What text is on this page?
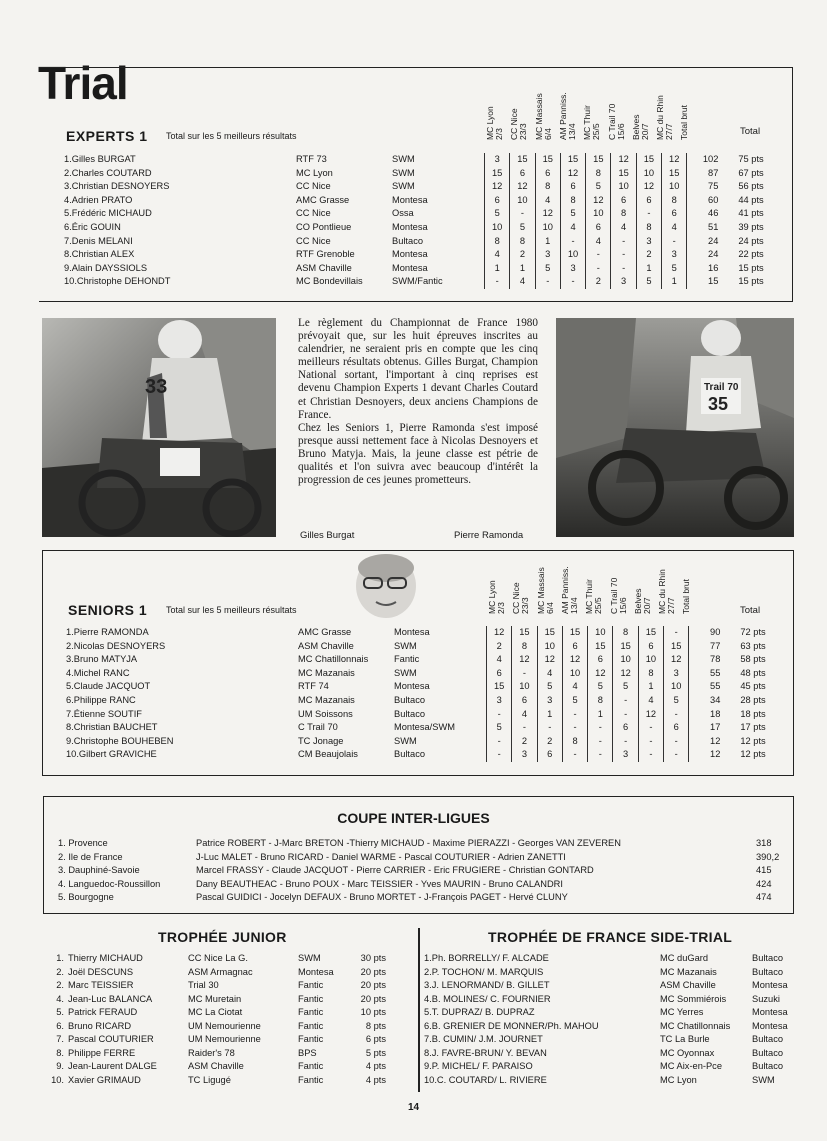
Trial
EXPERTS 1 Total sur les 5 meilleurs résultats	MC Lyon
2/3 CC Nice
23/3 MC Massais
6/4 AM Panniss.
13/4 MC Thuir
25/5 C Trail 70
15/6 Belves
20/7 MC du Rhin
27/7 Total brut	Total
1.Gilles BURGAT	RTF 73	SWM	3	15	15	15	15	12	15	12	102	75 pts
2.Charles COUTARD	MC Lyon	SWM	15	6	6	12	8	15	10	15	87	67 pts
3.Christian DESNOYERS	CC Nice	SWM	12	12	8	6	5	10	12	10	75	56 pts
4.Adrien PRATO	AMC Grasse	Montesa	6	10	4	8	12	6	6	8	60	44 pts
5.Frédéric MICHAUD	CC Nice	Ossa	5	-	12	5	10	8	-	6	46	41 pts
6.Éric GOUIN	CO Pontlieue	Montesa	10	5	10	4	6	4	8	4	51	39 pts
7.Denis MELANI	CC Nice	Bultaco	8	8	1	-	4	-	3	-	24	24 pts
8.Christian ALEX	RTF Grenoble	Montesa	4	2	3	10	-	-	2	3	24	22 pts
9.Alain DAYSSIOLS	ASM Chaville	Montesa	1	1	5	3	-	-	1	5	16	15 pts
10.Christophe DEHONDT	MC Bondevillais	SWM/Fantic	-	4	-	-	2	3	5	1	15	15 pts
33

Le règlement du Championnat de France 1980 prévoyait que, sur les huit épreuves inscrites au calendrier, ne seraient pris en compte que les cinq meilleurs résultats obtenus. Gilles Burgat, Champion National sortant, l'important à cinq reprises est devenu Champion Experts 1 devant Charles Coutard et Christian Desnoyers, deux anciens Champions de France.

Chez les Seniors 1, Pierre Ramonda s'est imposé presque aussi nettement face à Nicolas Desnoyers et Bruno Matyja. Mais, la jeune classe est pétrie de qualités et l'on suivra avec beaucoup d'intérêt la progression de ces jeunes prometteurs.

Gilles Burgat	Pierre Ramonda
Trail 70
35
SENIORS 1 Total sur les 5 meilleurs résultats	MC Lyon
2/3 CC Nice
23/3 MC Massais
6/4 AM Panniss.
13/4 MC Thuir
25/5 C Trail 70
15/6 Belves
20/7 MC du Rhin
27/7 Total brut	Total
1.Pierre RAMONDA	AMC Grasse	Montesa	12	15	15	15	10	8	15	-	90	72 pts
2.Nicolas DESNOYERS	ASM Chaville	SWM	2	8	10	6	15	15	6	15	77	63 pts
3.Bruno MATYJA	MC Chatillonnais	Fantic	4	12	12	12	6	10	10	12	78	58 pts
4.Michel RANC	MC Mazanais	SWM	6	-	4	10	12	12	8	3	55	48 pts
5.Claude JACQUOT	RTF 74	Montesa	15	10	5	4	5	5	1	10	55	45 pts
6.Philippe RANC	MC Mazanais	Bultaco	3	6	3	5	8	-	4	5	34	28 pts
7.Étienne SOUTIF	UM Soissons	Bultaco	-	4	1	-	1	-	12	-	18	18 pts
8.Christian BAUCHET	C Trail 70	Montesa/SWM	5	-	-	-	-	6	-	6	17	17 pts
9.Christophe BOUHEBEN	TC Jonage	SWM	-	2	2	8	-	-	-	-	12	12 pts
10.Gilbert GRAVICHE	CM Beaujolais	Bultaco	-	3	6	-	-	3	-	-	12	12 pts
COUPE INTER-LIGUES
1. Provence	Patrice ROBERT - J-Marc BRETON -Thierry MICHAUD - Maxime PIERAZZI - Georges VAN ZEVEREN	318
2. Ile de France	J-Luc MALET - Bruno RICARD - Daniel WARME - Pascal COUTURIER - Adrien ZANETTI	390,2
3. Dauphiné-Savoie	Marcel FRASSY - Claude JACQUOT - Pierre CARRIER - Eric FRUGIERE - Christian GONTARD	415
4. Languedoc-Roussillon	Dany BEAUTHEAC - Bruno POUX - Marc TEISSIER - Yves MAURIN - Bruno CALANDRI	424
5. Bourgogne	Pascal GUIDICI - Jocelyn DEFAUX - Bruno MORTET - J-François PAGET - Hervé CLUNY	474
TROPHÉE JUNIOR	TROPHÉE DE FRANCE SIDE-TRIAL
1.	Thierry MICHAUD	CC Nice La G.	SWM	30 pts
2.	Joël DESCUNS	ASM Armagnac	Montesa	20 pts
2.	Marc TEISSIER	Trial 30	Fantic	20 pts
4.	Jean-Luc BALANCA	MC Muretain	Fantic	20 pts
5.	Patrick FERAUD	MC La Ciotat	Fantic	10 pts
6.	Bruno RICARD	UM Nemourienne	Fantic	8 pts
7.	Pascal COUTURIER	UM Nemourienne	Fantic	6 pts
8.	Philippe FERRE	Raider's 78	BPS	5 pts
9.	Jean-Laurent DALGE	ASM Chaville	Fantic	4 pts
10.	Xavier GRIMAUD	TC Ligugé	Fantic	4 pts
1.Ph. BORRELLY/ F. ALCADE	MC duGard	Bultaco
2.P. TOCHON/ M. MARQUIS	MC Mazanais	Bultaco
3.J. LENORMAND/ B. GILLET	ASM Chaville	Montesa
4.B. MOLINES/ C. FOURNIER	MC Sommiérois	Suzuki
5.T. DUPRAZ/ B. DUPRAZ	MC Yerres	Montesa
6.B. GRENIER DE MONNER/Ph. MAHOU	MC Chatillonnais	Montesa
7.B. CUMIN/ J.M. JOURNET	TC La Burle	Bultaco
8.J. FAVRE-BRUN/ Y. BEVAN	MC Oyonnax	Bultaco
9.P. MICHEL/ F. PARAISO	MC Aix-en-Pce	Bultaco
10.C. COUTARD/ L. RIVIERE	MC Lyon	SWM
14
